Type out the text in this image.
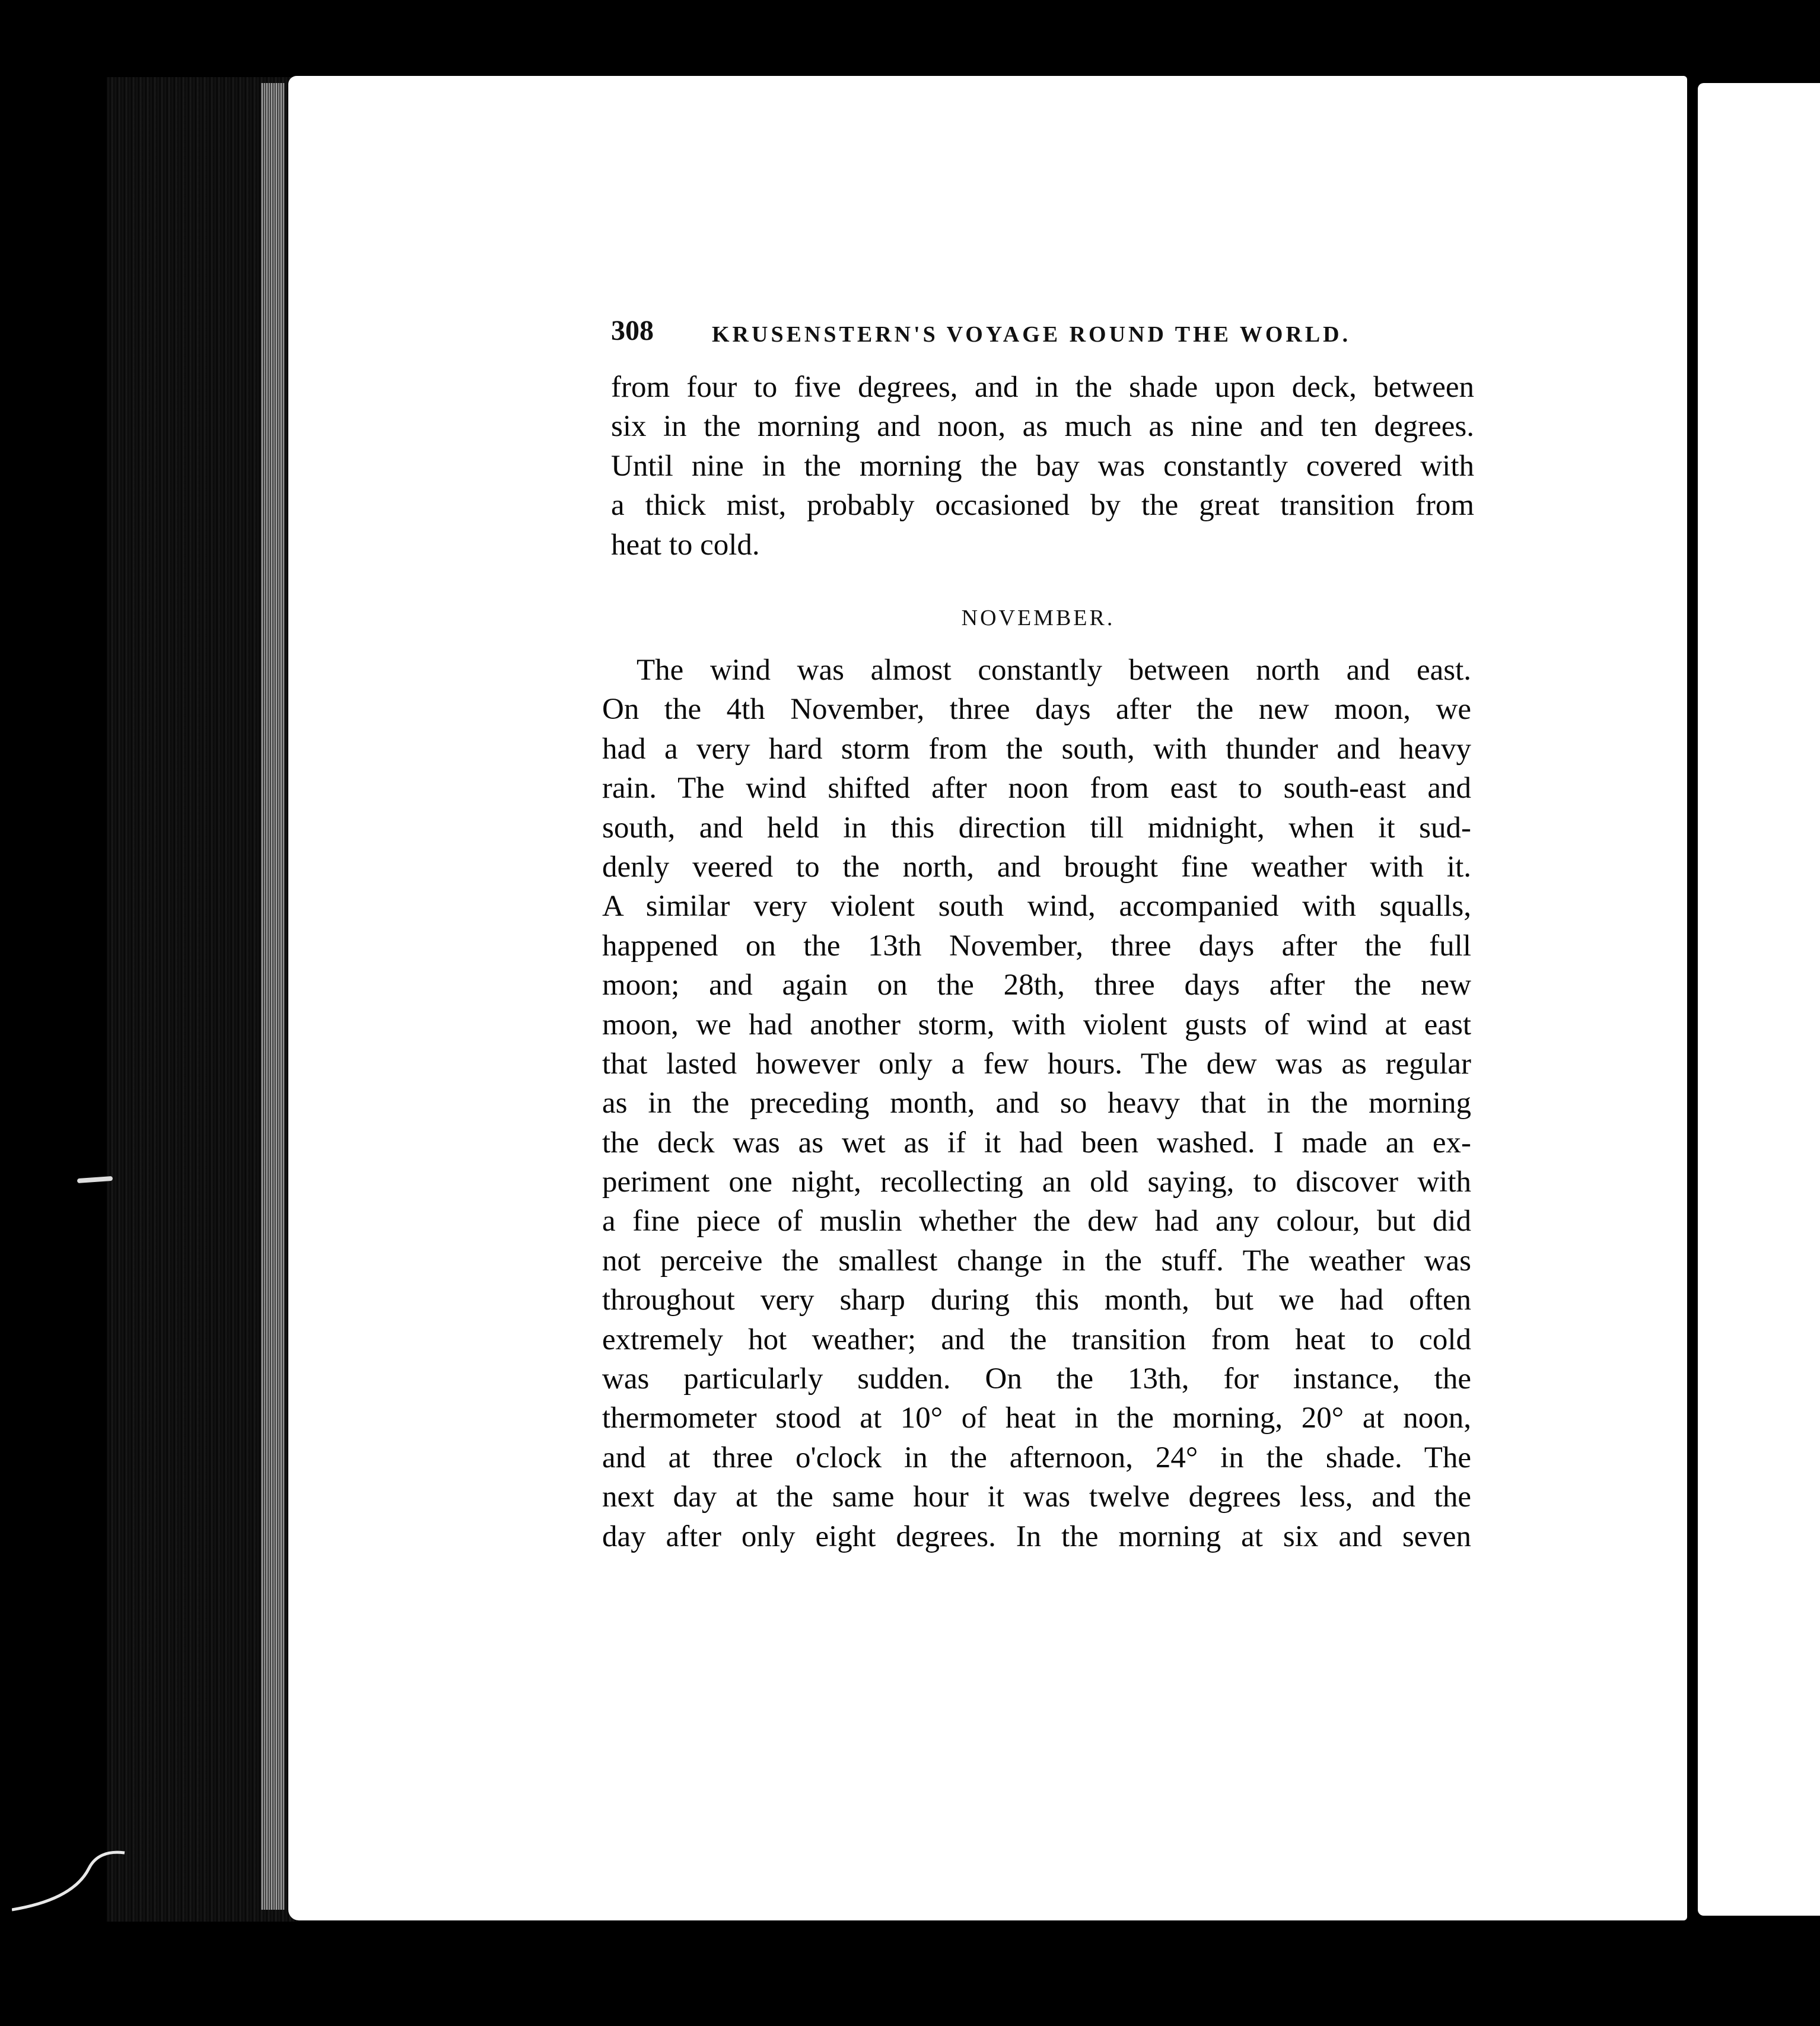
308	KRUSENSTERN'S VOYAGE ROUND THE WORLD.
from four to five degrees, and in the shade upon deck, between
six in the morning and noon, as much as nine and ten degrees.
Until nine in the morning the bay was constantly covered with
a thick mist, probably occasioned by the great transition from
heat to cold.
NOVEMBER.
The wind was almost constantly between north and east.
On the 4th November, three days after the new moon, we
had a very hard storm from the south, with thunder and heavy
rain. The wind shifted after noon from east to south-east and
south, and held in this direction till midnight, when it sud-
denly veered to the north, and brought fine weather with it.
A similar very violent south wind, accompanied with squalls,
happened on the 13th November, three days after the full
moon; and again on the 28th, three days after the new
moon, we had another storm, with violent gusts of wind at east
that lasted however only a few hours. The dew was as regular
as in the preceding month, and so heavy that in the morning
the deck was as wet as if it had been washed. I made an ex-
periment one night, recollecting an old saying, to discover with
a fine piece of muslin whether the dew had any colour, but did
not perceive the smallest change in the stuff. The weather was
throughout very sharp during this month, but we had often
extremely hot weather; and the transition from heat to cold
was particularly sudden. On the 13th, for instance, the
thermometer stood at 10° of heat in the morning, 20° at noon,
and at three o'clock in the afternoon, 24° in the shade. The
next day at the same hour it was twelve degrees less, and the
day after only eight degrees. In the morning at six and seven
